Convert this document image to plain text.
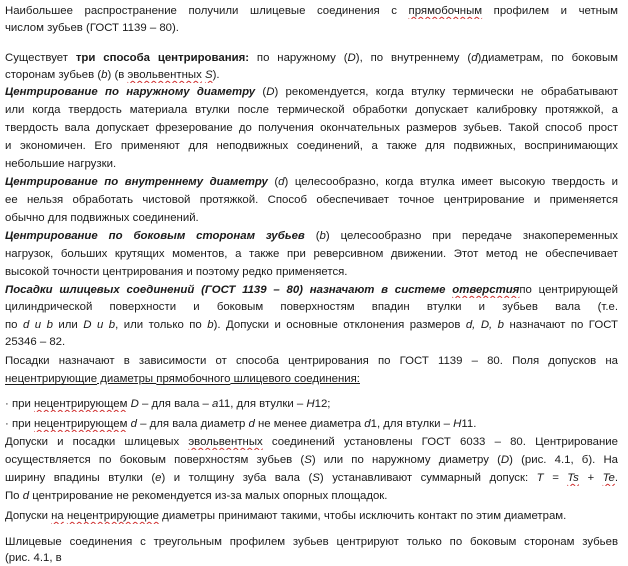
Наибольшее распространение получили шлицевые соединения с прямобочным профилем и четным
числом зубьев (ГОСТ 1139 – 80).
Существует три способа центрирования: по наружному (D), по внутреннему (d)диаметрам, по боковым
сторонам зубьев (b) (в эвольвентных S).
Центрирование по наружному диаметру (D) рекомендуется, когда втулку термически не обрабатывают
или когда твердость материала втулки после термической обработки допускает калибровку протяжкой, а
твердость вала допускает фрезерование до получения окончательных размеров зубьев. Такой способ прост
и экономичен. Его применяют для неподвижных соединений, а также для подвижных, воспринимающих
небольшие нагрузки.
Центрирование по внутреннему диаметру (d) целесообразно, когда втулка имеет высокую твердость и
ее нельзя обработать чистовой протяжкой. Способ обеспечивает точное центрирование и применяется
обычно для подвижных соединений.
Центрирование по боковым сторонам зубьев (b) целесообразно при передаче знакопеременных
нагрузок, больших крутящих моментов, а также при реверсивном движении. Этот метод не обеспечивает
высокой точности центрирования и поэтому редко применяется.
Посадки шлицевых соединений (ГОСТ 1139 – 80) назначают в системе отверстияпо центрирующей
цилиндрической поверхности и боковым поверхностям впадин втулки и зубьев вала (т.е.
по d и b или D и b, или только по b). Допуски и основные отклонения размеров d, D, b назначают по ГОСТ
25346 – 82.
Посадки назначают в зависимости от способа центрирования по ГОСТ 1139 – 80. Поля допусков на
нецентрирующие диаметры прямобочного шлицевого соединения:
· при нецентрирующем D – для вала – a11, для втулки – H12;
· при нецентрирующем d – для вала диаметр d не менее диаметра d1, для втулки – H11.
Допуски и посадки шлицевых эвольвентных соединений установлены ГОСТ 6033 – 80. Центрирование
осуществляется по боковым поверхностям зубьев (S) или по наружному диаметру (D) (рис. 4.1, б). На
ширину впадины втулки (е) и толщину зуба вала (S) устанавливают суммарный допуск: T = Ts + Te.
По d центрирование не рекомендуется из-за малых опорных площадок.
Допуски на нецентрирующие диаметры принимают такими, чтобы исключить контакт по этим диаметрам.
Шлицевые соединения с треугольным профилем зубьев центрируют только по боковым сторонам зубьев
(рис. 4.1, в
